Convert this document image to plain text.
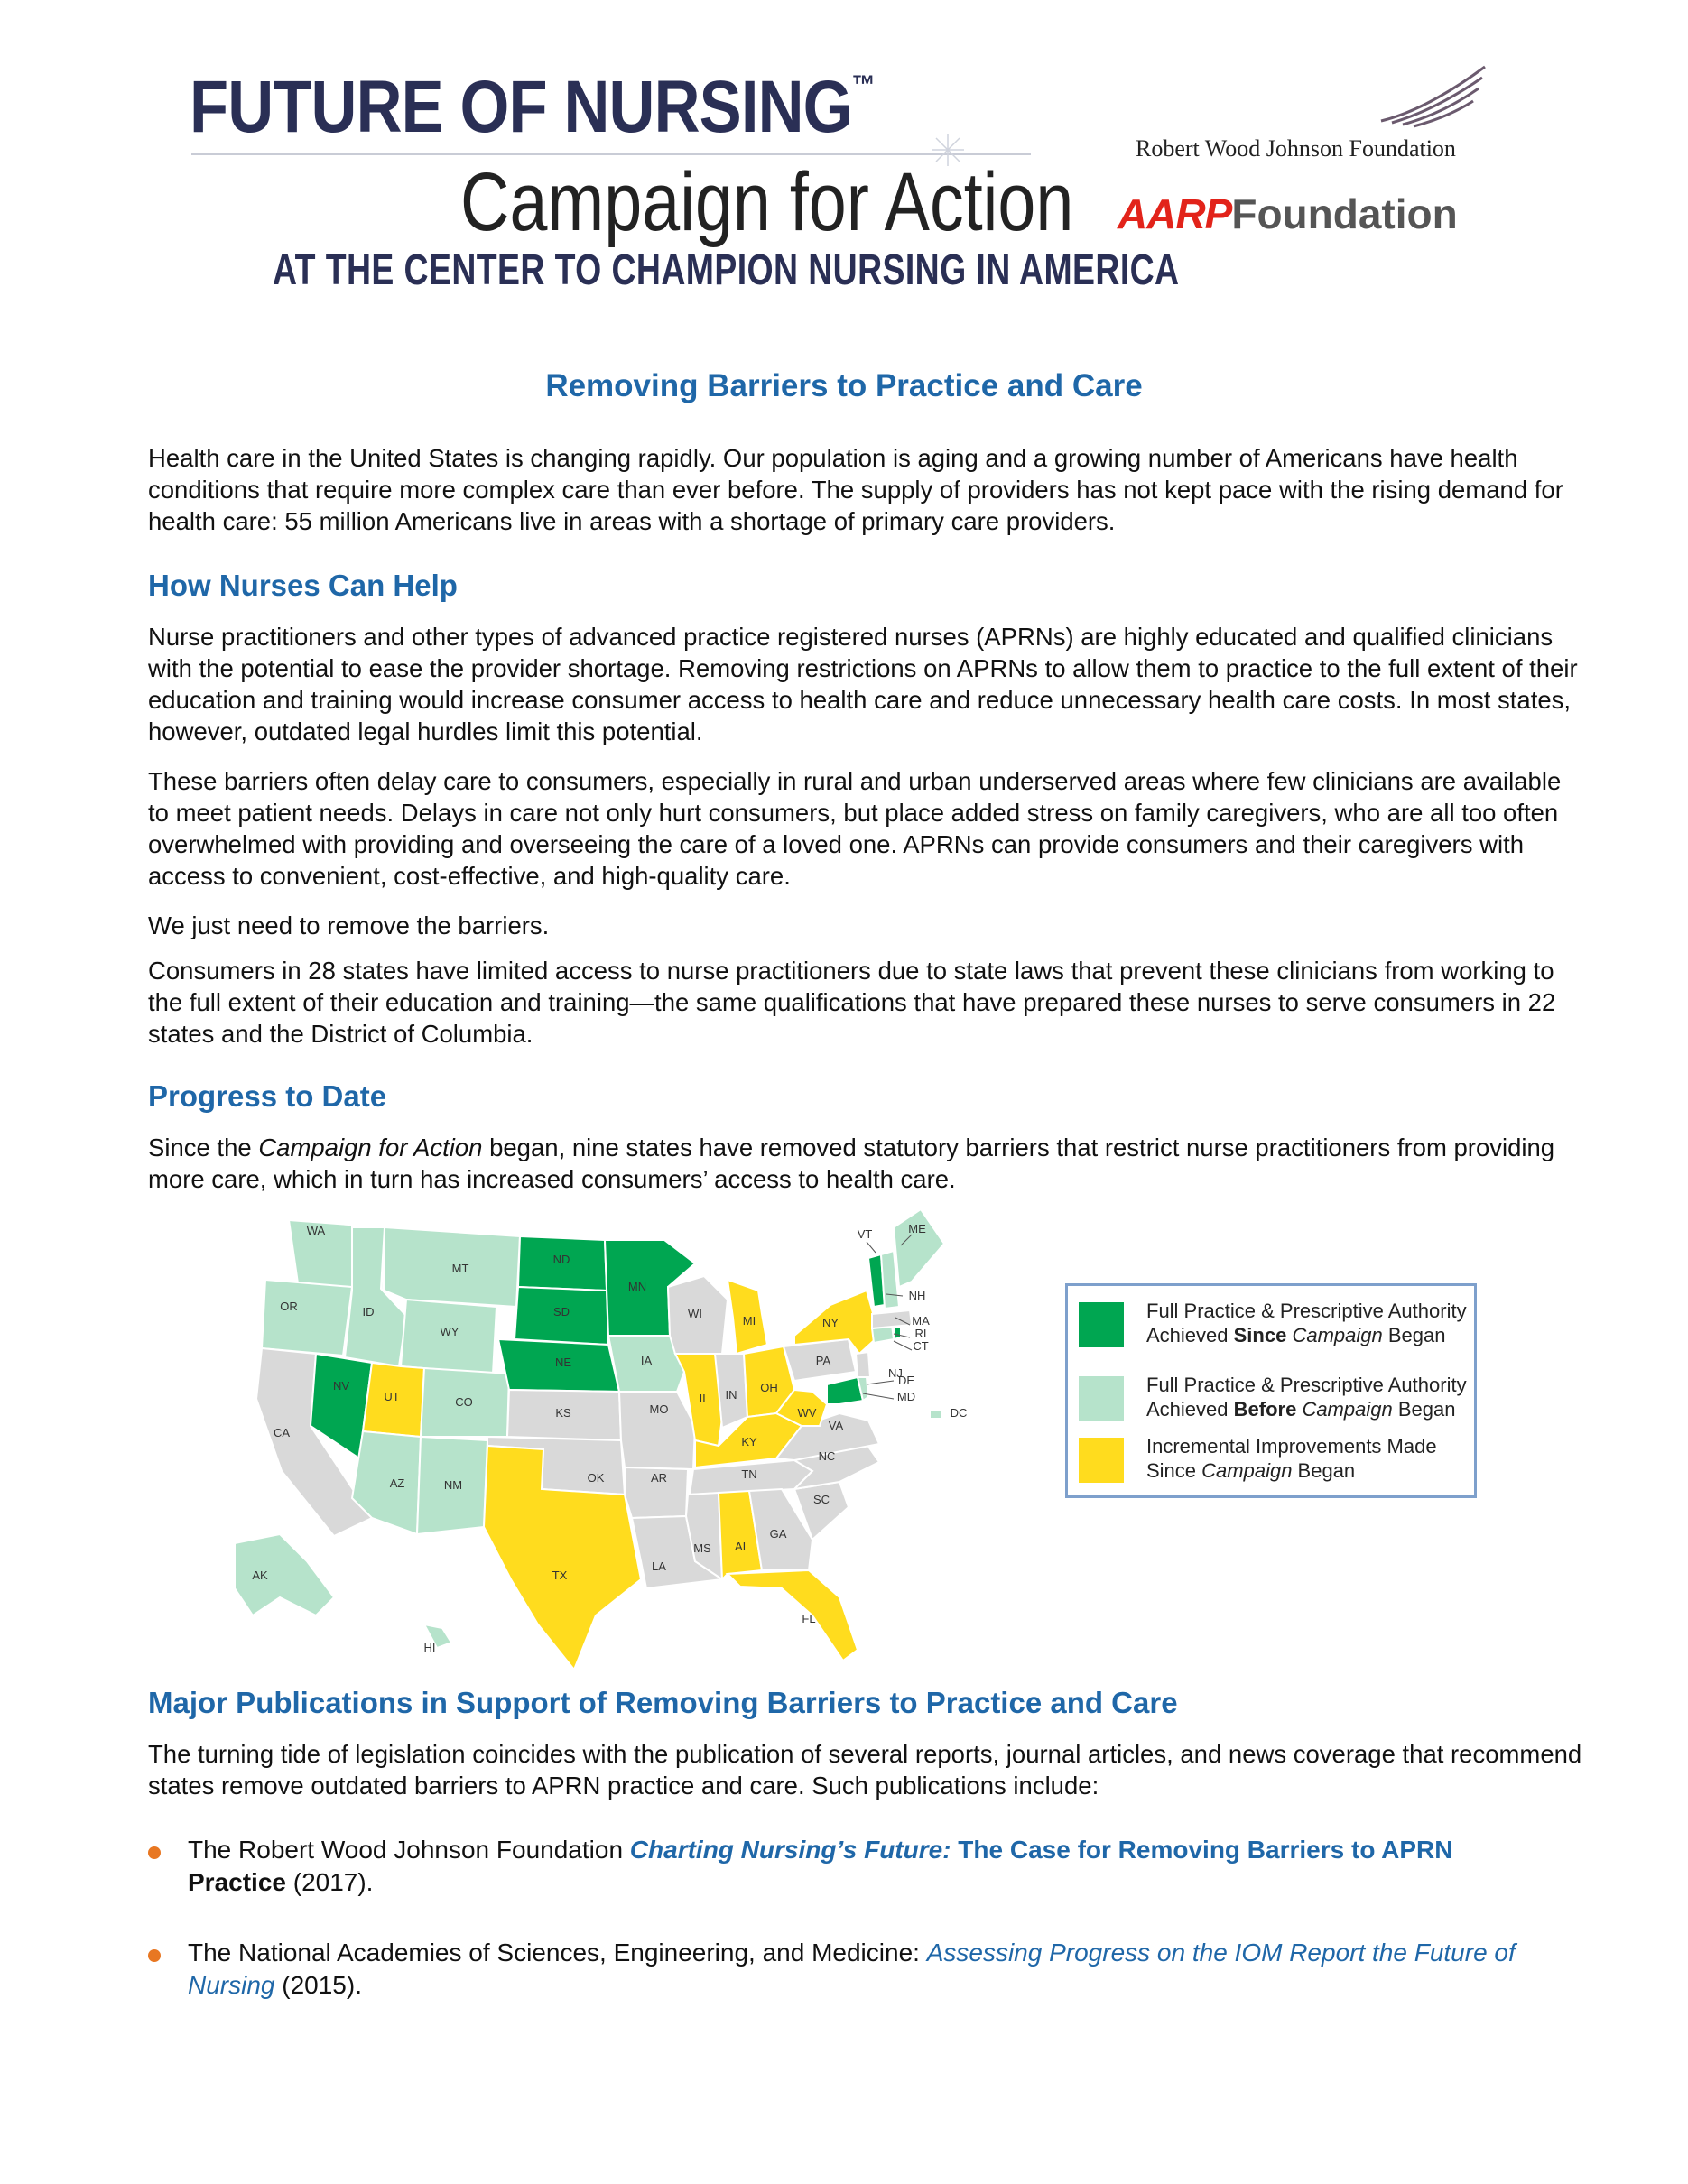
FUTURE OF NURSING™
Campaign for Action
AT THE CENTER TO CHAMPION NURSING IN AMERICA
Robert Wood Johnson Foundation
AARPFoundation
Removing Barriers to Practice and Care
Health care in the United States is changing rapidly. Our population is aging and a growing number of Americans have health conditions that require more complex care than ever before. The supply of providers has not kept pace with the rising demand for health care: 55 million Americans live in areas with a shortage of primary care providers.
How Nurses Can Help
Nurse practitioners and other types of advanced practice registered nurses (APRNs) are highly educated and qualified clinicians with the potential to ease the provider shortage. Removing restrictions on APRNs to allow them to practice to the full extent of their education and training would increase consumer access to health care and reduce unnecessary health care costs. In most states, however, outdated legal hurdles limit this potential.
These barriers often delay care to consumers, especially in rural and urban underserved areas where few clinicians are available to meet patient needs. Delays in care not only hurt consumers, but place added stress on family caregivers, who are all too often overwhelmed with providing and overseeing the care of a loved one. APRNs can provide consumers and their caregivers with access to convenient, cost-effective, and high-quality care.
We just need to remove the barriers.
Consumers in 28 states have limited access to nurse practitioners due to state laws that prevent these clinicians from working to the full extent of their education and training—the same qualifications that have prepared these nurses to serve consumers in 22 states and the District of Columbia.
Progress to Date
Since the Campaign for Action began, nine states have removed statutory barriers that restrict nurse practitioners from providing more care, which in turn has increased consumers’ access to health care.
WA
OR
CA
ID
NV
MT
WY
UT	CO
AZ	NM
ND
SD
NE
KS
OK
TX
MN
IA
MO
AR
LA
WI
IL
MI
IN
OH
KY
TN
MS AL
GA
FL
SC
NC
VA
WV
PA
NY
VT	ME
NH
MA
RI
CT
NJ
DE
MD
DC
AK
HI
Full Practice & Prescriptive Authority
Achieved Since Campaign Began
Full Practice & Prescriptive Authority
Achieved Before Campaign Began
Incremental Improvements Made
Since Campaign Began
Major Publications in Support of Removing Barriers to Practice and Care
The turning tide of legislation coincides with the publication of several reports, journal articles, and news coverage that recommend states remove outdated barriers to APRN practice and care. Such publications include:
The Robert Wood Johnson Foundation Charting Nursing’s Future: The Case for Removing Barriers to APRN
Practice (2017).
The National Academies of Sciences, Engineering, and Medicine: Assessing Progress on the IOM Report the Future of Nursing (2015).
